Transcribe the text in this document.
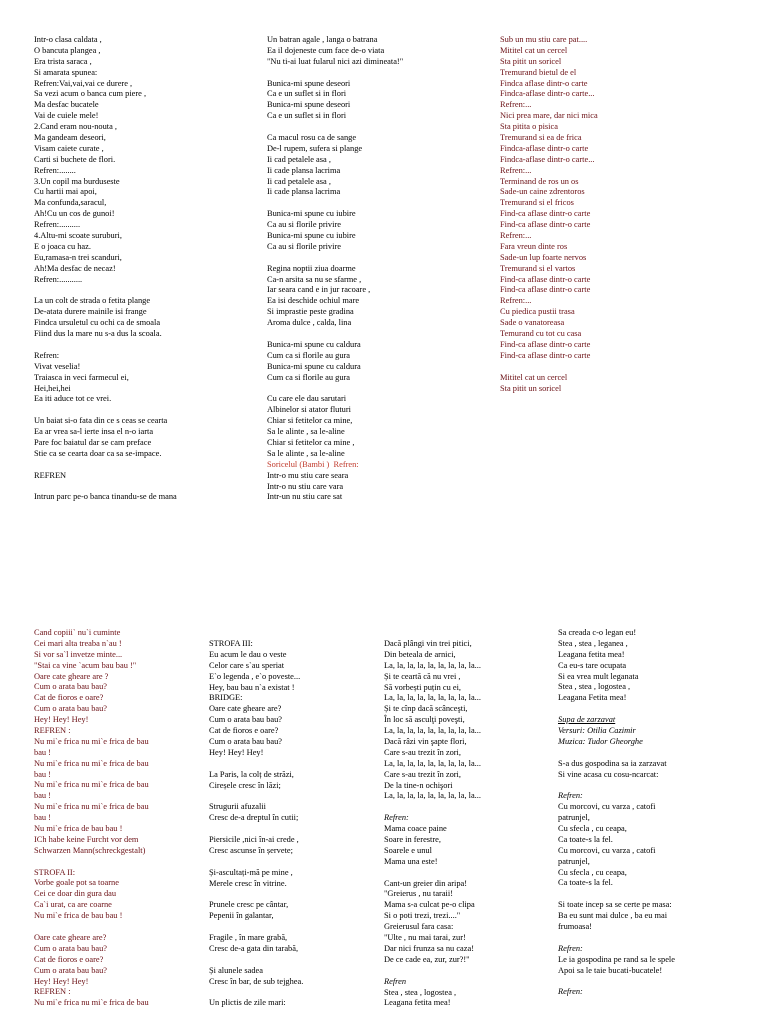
Intr-o clasa caldata ,
O bancuta plangea ,
Era trista saraca ,
Si amarata spunea:
Refren:Vai,vai,vai ce durere ,
Sa vezi acum o banca cum piere ,
Ma desfac bucatele
Vai de cuiele mele!
2.Cand eram nou-nouta ,
Ma gandeam deseori,
Visam caiete curate ,
Carti si buchete de flori.
Refren:........
3.Un copil ma burduseste
Cu hartii mai apoi,
Ma confunda,saracul,
Ah!Cu un cos de gunoi!
Refren:..........
4.Altu-mi scoate suruburi,
E o joaca cu haz.
Eu,ramasa-n trei scanduri,
Ah!Ma desfac de necaz!
Refren:...........
La un colt de strada o fetita plange
De-atata durere mainile isi frange
Findca ursuletul cu ochi ca de smoala
Fiind dus la mare nu s-a dus la scoala.
Refren:
Vivat veselia!
Traiasca in veci farmecul ei,
Hei,hei,hei
Ea iti aduce tot ce vrei.
Un baiat si-o fata din ce s ceas se cearta
Ea ar vrea sa-l ierte insa el n-o iarta
Pare foc baiatul dar se cam preface
Stie ca se cearta doar ca sa se-impace.
REFREN
Intrun parc pe-o banca tinandu-se de mana
Un batran agale , langa o batrana
Ea il dojeneste cum face de-o viata
"Nu ti-ai luat fularul nici azi dimineata!"
Bunica-mi spune deseori
Ca e un suflet si in flori
Bunica-mi spune deseori
Ca e un suflet si in flori
Ca macul rosu ca de sange
De-l rupem, sufera si plange
Ii cad petalele asa ,
Ii cade plansa lacrima
Ii cad petalele asa ,
Ii cade plansa lacrima
Bunica-mi spune cu iubire
Ca au si florile privire
Bunica-mi spune cu iubire
Ca au si florile privire
Regina noptii ziua doarme
Ca-n arsita sa nu se sfarme ,
Iar seara cand e in jur racoare ,
Ea isi deschide ochiul mare
Si imprastie peste gradina
Aroma dulce , calda, lina
Bunica-mi spune cu caldura
Cum ca si florile au gura
Bunica-mi spune cu caldura
Cum ca si florile au gura
Cu care ele dau sarutari
Albinelor si atator fluturi
Chiar si fetitelor ca mine,
Sa le alinte , sa le-aline
Chiar si fetitelor ca mine ,
Sa le alinte , sa le-aline
Soricelul (Bambi )  Refren:
Intr-o mu stiu care seara
Intr-o nu stiu care vara
Intr-un nu stiu care sat
Sub un mu stiu care pat....
Mititel cat un cercel
Sta pitit un soricel
Tremurand bietul de el
Findca aflase dintr-o carte
Findca-aflase dintr-o carte...
Refren:...
Nici prea mare, dar nici mica
Sta pitita o pisica
Tremurand si ea de frica
Findca-aflase dintr-o carte
Findca-aflase dintr-o carte...
Refren:...
Terminand de ros un os
Sade-un caine zdrentoros
Tremurand si el fricos
Find-ca aflase dintr-o carte
Find-ca aflase dintr-o carte
Refren:...
Fara vreun dinte ros
Sade-un lup foarte nervos
Tremurand si el vartos
Find-ca aflase dintr-o carte
Find-ca aflase dintr-o carte
Refren:...
Cu piedica pustii trasa
Sade o vanatoreasa
Temurand cu tot cu casa
Find-ca aflase dintr-o carte
Find-ca aflase dintr-o carte
Mititel cat un cercel
Sta pitit un soricel
Cand copiii` nu`i cuminte
Cei mari alta treaba n`au !
Si vor sa`l invetze minte...
"Stai ca vine `acum bau bau !"
Oare cate gheare are ?
Cum o arata bau bau?
Cat de fioros e oare?
Cum o arata bau bau?
Hey! Hey! Hey!
REFREN :
Nu mi`e frica nu mi`e frica de bau
bau !
Nu mi`e frica nu mi`e frica de bau
bau !
Nu mi`e frica nu mi`e frica de bau
bau !
Nu mi`e frica nu mi`e frica de bau
bau !
Nu mi`e frica de bau bau !
ICh habe keine Furcht vor dem
Schwarzen Mann(schreckgestalt)
STROFA II:
Vorbe goale pot sa toarne
Cei ce doar din gura dau
Ca`i urat, ca are coarne
Nu mi`e frica de bau bau !
Oare cate gheare are?
Cum o arata bau bau?
Cat de fioros e oare?
Cum o arata bau bau?
Hey! Hey! Hey!
REFREN :
Nu mi`e frica nu mi`e frica de bau
STROFA III:
Eu acum le dau o veste
Celor care s`au speriat
E`o legenda , e`o poveste...
Hey, bau bau n`a existat !
BRIDGE:
Oare cate gheare are?
Cum o arata bau bau?
Cat de fioros e oare?
Cum o arata bau bau?
Hey! Hey! Hey!
La Paris, la colț de străzi,
Cireșele cresc în lăzi;
Strugurii afuzalii
Cresc de-a dreptul în cutii;
Piersicile ,nici în-ai crede ,
Cresc ascunse în șervete;
Și-ascultați-mă pe mine ,
Merele cresc în vitrine.
Prunele cresc pe cântar,
Pepenii în galantar,
Fragile , în mare grabă,
Cresc de-a gata din tarabă,
Și alunele sadea
Cresc în bar, de sub tejghea.
Un plictis de zile mari:
Dacă plângi vin trei pitici,
Din beteala de arnici,
La, la, la, la, la, la, la, la, la...
Și te ceartă că nu vrei ,
Să vorbești puțin cu ei,
La, la, la, la, la, la, la, la, la...
Și te cînp dacă scânceşti,
În loc să asculţi poveşti,
La, la, la, la, la, la, la, la, la...
Dacă râzi vin şapte flori,
Care s-au trezit în zori,
La, la, la, la, la, la, la, la, la...
Care s-au trezit în zori,
De la tine-n ochişori
La, la, la, la, la, la, la, la, la...
Refren:
Mama coace paine
Soare in ferestre,
Soarele e unul
Mama una este!
Cant-un greier din aripa!
"Greierus , nu taraii!
Mama s-a culcat pe-o clipa
Si o poti trezi, trezi...."
Greierusul fara casa:
"Ulte , nu mai tarai, zur!
Dar nici frunza sa nu caza!
De ce cade ea, zur, zur?!"
Refren
Stea , stea , logostea ,
Leagana fetita mea!
Sa creada c-o legan eu!
Stea , stea , leganea ,
Leagana fetita mea!
Ca eu-s tare ocupata
Si ea vrea mult leganata
Stea , stea , logostea ,
Leagana Fetita mea!
Supa de zarzavat
Versuri: Otilia Cazimir
Muzica: Tudor Gheorghe
S-a dus gospodina sa ia zarzavat
Si vine acasa cu cosu-ncarcat:
Refren:
Cu morcovi, cu varza , catofi
patrunjel,
Cu sfecla , cu ceapa,
Ca toate-s la fel.
Cu morcovi, cu varza , catofi
patrunjel,
Cu sfecla , cu ceapa,
Ca toate-s la fel.
Si toate incep sa se certe pe masa:
Ba eu sunt mai dulce , ba eu mai
frumoasa!
Refren:
Le ia gospodina pe rand sa le spele
Apoi sa le taie bucati-bucatele!
Refren:
